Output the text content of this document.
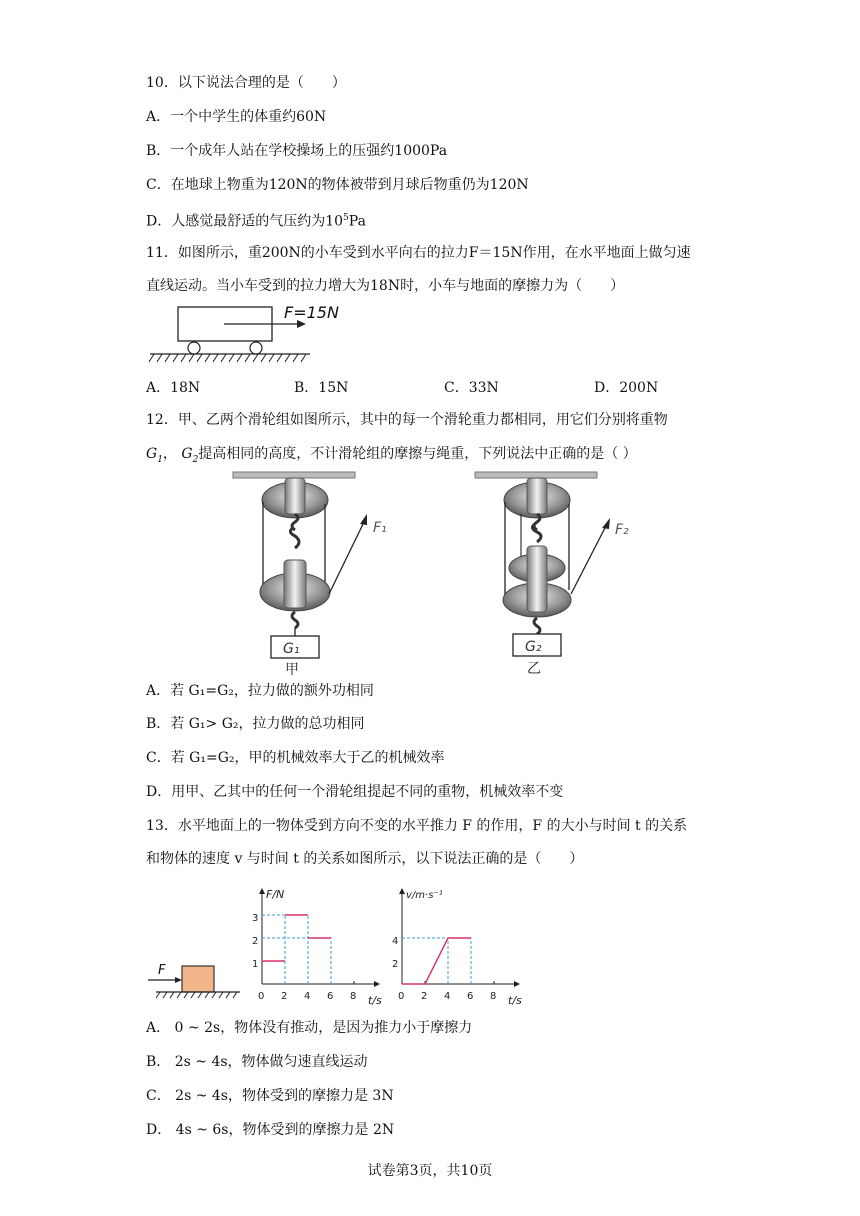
10．以下说法合理的是（　　）
A．一个中学生的体重约60N
B．一个成年人站在学校操场上的压强约1000Pa
C．在地球上物重为120N的物体被带到月球后物重仍为120N
D．人感觉最舒适的气压约为$10^5Pa$
11．如图所示，重200N的小车受到水平向右的拉力F＝15N作用，在水平地面上做匀速
直线运动。当小车受到的拉力增大为18N时，小车与地面的摩擦力为（　　）
F=15N
A．18N	B．15N	C．33N	D．200N
12．甲、乙两个滑轮组如图所示，其中的每一个滑轮重力都相同，用它们分别将重物
$G_1$， $G_2$提高相同的高度，不计滑轮组的摩擦与绳重，下列说法中正确的是（ ）
F₁
G₁
甲
F₂
G₂
乙
A．若 G₁=G₂，拉力做的额外功相同
B．若 G₁> G₂，拉力做的总功相同
C．若 G₁=G₂，甲的机械效率大于乙的机械效率
D．用甲、乙其中的任何一个滑轮组提起不同的重物，机械效率不变
13．水平地面上的一物体受到方向不变的水平推力 F 的作用，F 的大小与时间 t 的关系
和物体的速度 v 与时间 t 的关系如图所示，以下说法正确的是（　　）
F
F/N
t/s
1
2
3
0 2 4 6 8
v/m·s⁻¹
t/s
2
4
0 2 4 6 8
A． 0 ~ 2s，物体没有推动，是因为推力小于摩擦力
B． 2s ~ 4s，物体做匀速直线运动
C． 2s ~ 4s，物体受到的摩擦力是 3N
D． 4s ~ 6s，物体受到的摩擦力是 2N
试卷第3页，共10页
